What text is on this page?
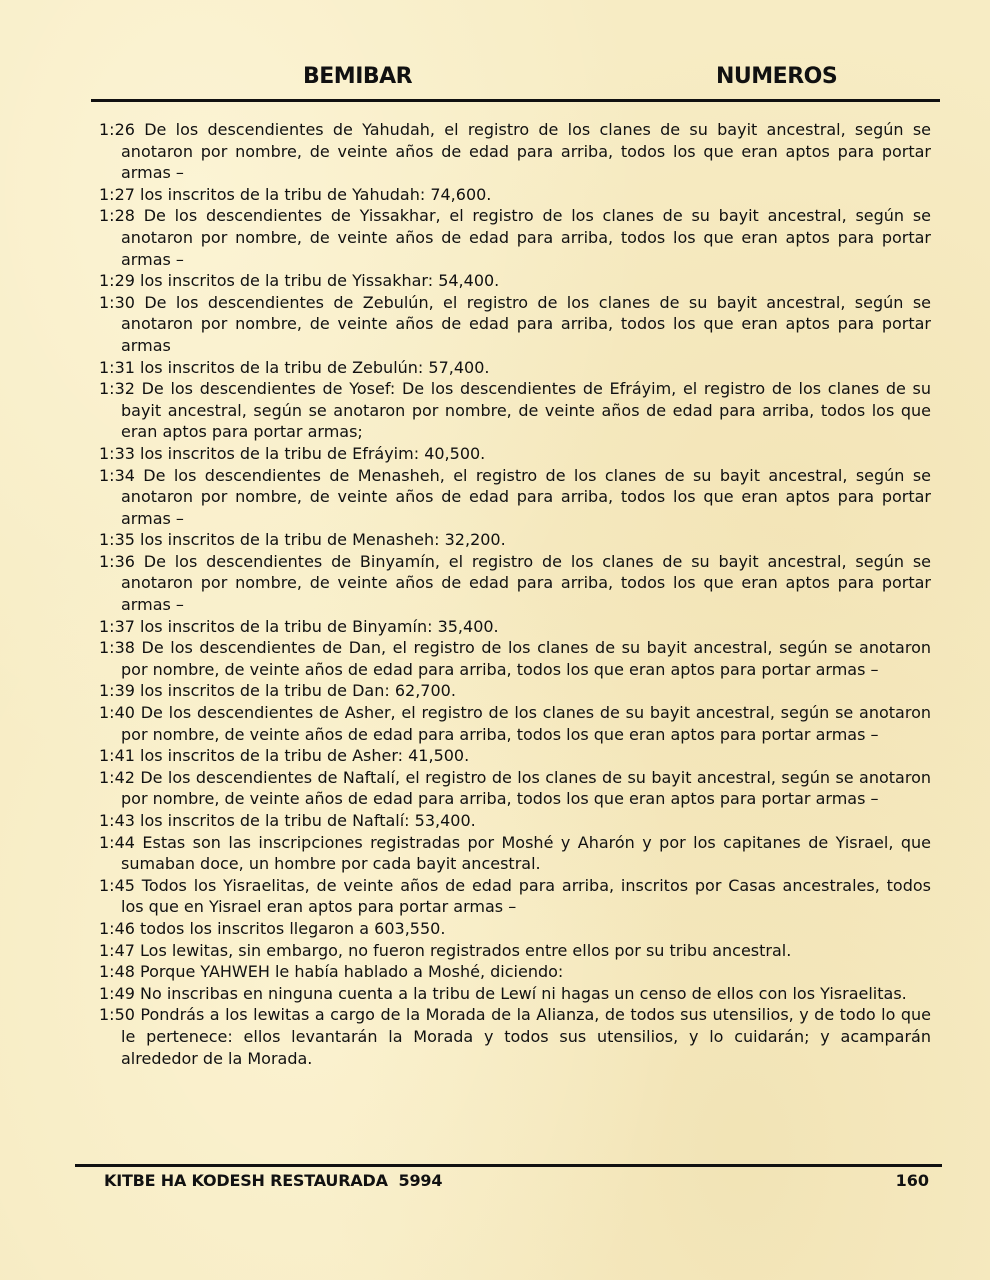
BEMIBAR	NUMEROS

1:26 De los descendientes de Yahudah, el registro de los clanes de su bayit ancestral, según se anotaron por nombre, de veinte años de edad para arriba, todos los que eran aptos para portar armas –

1:27 los inscritos de la tribu de Yahudah: 74,600.

1:28 De los descendientes de Yissakhar, el registro de los clanes de su bayit ancestral, según se anotaron por nombre, de veinte años de edad para arriba, todos los que eran aptos para portar armas –

1:29 los inscritos de la tribu de Yissakhar: 54,400.

1:30 De los descendientes de Zebulún, el registro de los clanes de su bayit ancestral, según se anotaron por nombre, de veinte años de edad para arriba, todos los que eran aptos para portar armas

1:31 los inscritos de la tribu de Zebulún: 57,400.

1:32 De los descendientes de Yosef: De los descendientes de Efráyim, el registro de los clanes de su bayit ancestral, según se anotaron por nombre, de veinte años de edad para arriba, todos los que eran aptos para portar armas;

1:33 los inscritos de la tribu de Efráyim: 40,500.

1:34 De los descendientes de Menasheh, el registro de los clanes de su bayit ancestral, según se anotaron por nombre, de veinte años de edad para arriba, todos los que eran aptos para portar armas –

1:35 los inscritos de la tribu de Menasheh: 32,200.

1:36 De los descendientes de Binyamín, el registro de los clanes de su bayit ancestral, según se anotaron por nombre, de veinte años de edad para arriba, todos los que eran aptos para portar armas –

1:37 los inscritos de la tribu de Binyamín: 35,400.

1:38 De los descendientes de Dan, el registro de los clanes de su bayit ancestral, según se anotaron por nombre, de veinte años de edad para arriba, todos los que eran aptos para portar armas –

1:39 los inscritos de la tribu de Dan: 62,700.

1:40 De los descendientes de Asher, el registro de los clanes de su bayit ancestral, según se anotaron por nombre, de veinte años de edad para arriba, todos los que eran aptos para portar armas –

1:41 los inscritos de la tribu de Asher: 41,500.

1:42 De los descendientes de Naftalí, el registro de los clanes de su bayit ancestral, según se anotaron por nombre, de veinte años de edad para arriba, todos los que eran aptos para portar armas –

1:43 los inscritos de la tribu de Naftalí: 53,400.

1:44 Estas son las inscripciones registradas por Moshé y Aharón y por los capitanes de Yisrael, que sumaban doce, un hombre por cada bayit ancestral.

1:45 Todos los Yisraelitas, de veinte años de edad para arriba, inscritos por Casas ancestrales, todos los que en Yisrael eran aptos para portar armas –

1:46 todos los inscritos llegaron a 603,550.

1:47 Los lewitas, sin embargo, no fueron registrados entre ellos por su tribu ancestral.

1:48 Porque YAHWEH le había hablado a Moshé, diciendo:

1:49 No inscribas en ninguna cuenta a la tribu de Lewí ni hagas un censo de ellos con los Yisraelitas.

1:50 Pondrás a los lewitas a cargo de la Morada de la Alianza, de todos sus utensilios, y de todo lo que le pertenece: ellos levantarán la Morada y todos sus utensilios, y lo cuidarán; y acamparán alrededor de la Morada.

KITBE HA KODESH RESTAURADA  5994	160
